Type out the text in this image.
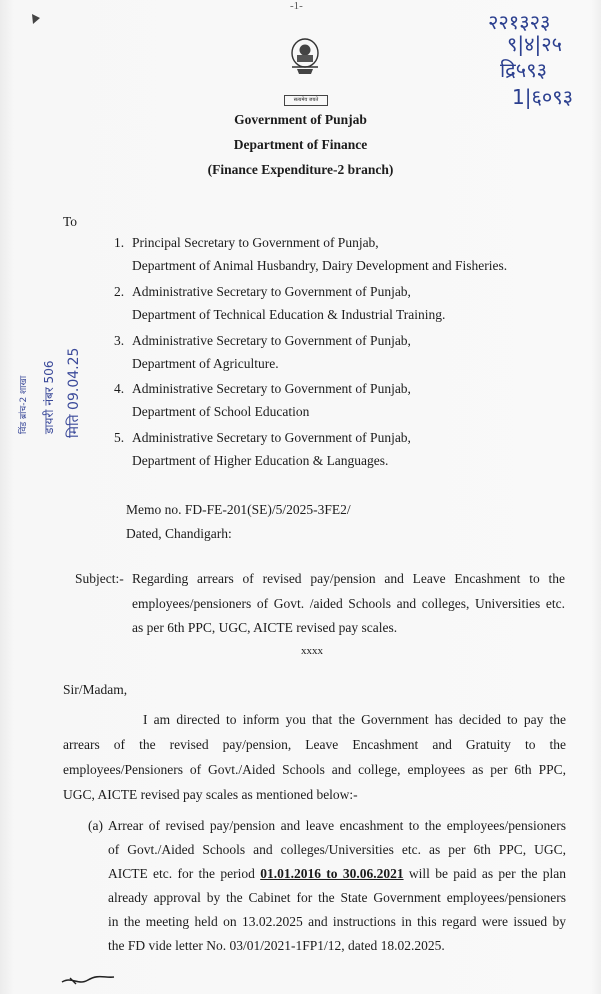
-1-
सत्यमेव जयते
२२१३२३
९|४|२५
द्रि५९३
1|६०९३
Government of Punjab
Department of Finance
(Finance Expenditure-2 branch)
To
विंड ब्रांच-2 शाखा डायरी नंबर 506 मिति 09.04.25
1. Principal Secretary to Government of Punjab,
Department of Animal Husbandry, Dairy Development and Fisheries.
2. Administrative Secretary to Government of Punjab,
Department of Technical Education & Industrial Training.
3. Administrative Secretary to Government of Punjab,
Department of Agriculture.
4. Administrative Secretary to Government of Punjab,
Department of School Education
5. Administrative Secretary to Government of Punjab,
Department of Higher Education & Languages.
Memo no. FD-FE-201(SE)/5/2025-3FE2/
Dated, Chandigarh:
Subject:- Regarding arrears of revised pay/pension and Leave Encashment to the
employees/pensioners of Govt. /aided Schools and colleges, Universities etc.
as per 6th PPC, UGC, AICTE revised pay scales.
xxxx
Sir/Madam,
I am directed to inform you that the Government has decided to pay the
arrears of the revised pay/pension, Leave Encashment and Gratuity to the
employees/Pensioners of Govt./Aided Schools and college, employees as per 6th PPC,
UGC, AICTE revised pay scales as mentioned below:-
(a) Arrear of revised pay/pension and leave encashment to the employees/pensioners
of Govt./Aided Schools and colleges/Universities etc. as per 6th PPC, UGC,
AICTE etc. for the period 01.01.2016 to 30.06.2021 will be paid as per the plan
already approval by the Cabinet for the State Government employees/pensioners
in the meeting held on 13.02.2025 and instructions in this regard were issued by
the FD vide letter No. 03/01/2021-1FP1/12, dated 18.02.2025.
